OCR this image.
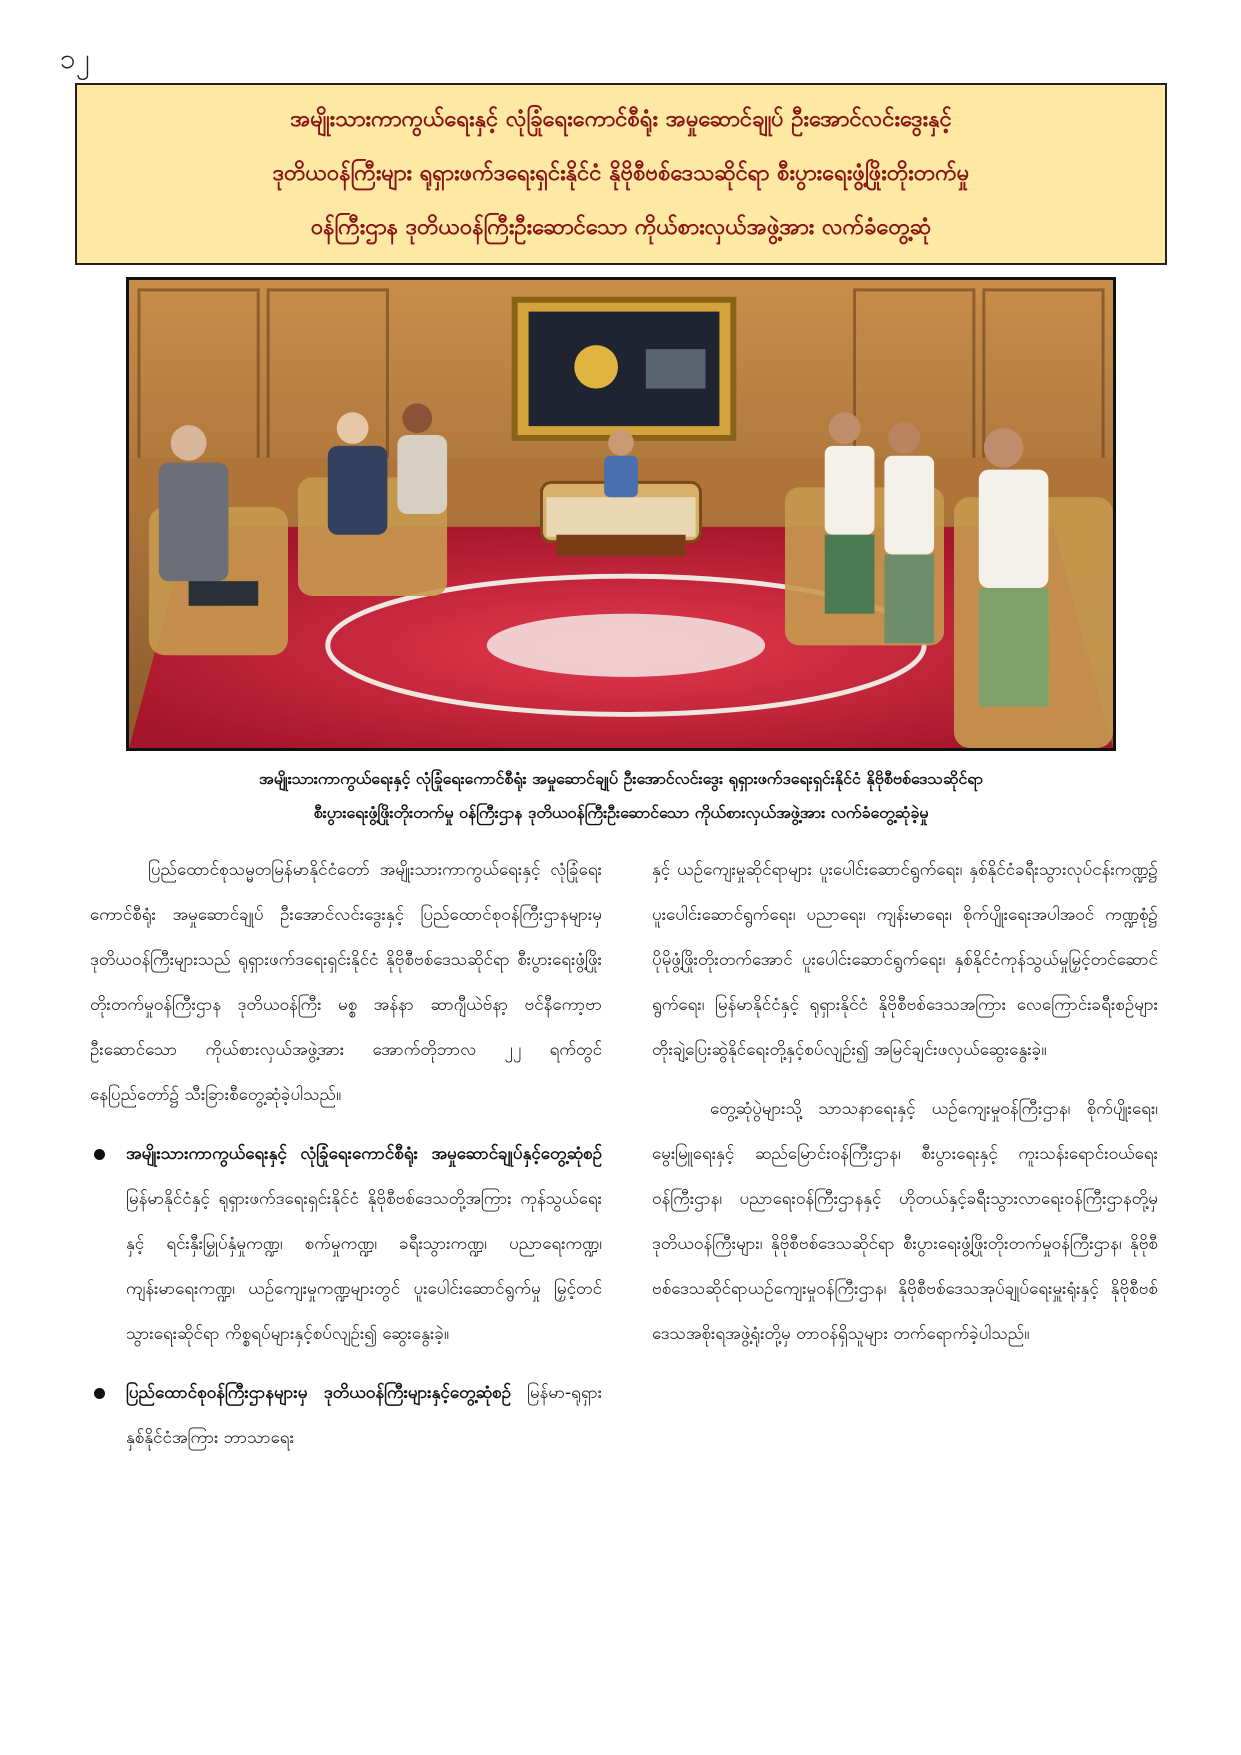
၁၂
အမျိုးသားကာကွယ်ရေးနှင့် လုံခြုံရေးကောင်စီရုံး အမှုဆောင်ချုပ် ဦးအောင်လင်းဒွေးနှင့်
ဒုတိယဝန်ကြီးများ ရုရှားဖက်ဒရေးရှင်းနိုင်ငံ နိုဗိုစီဗစ်ဒေသဆိုင်ရာ စီးပွားရေးဖွံ့ဖြိုးတိုးတက်မှု
ဝန်ကြီးဌာန ဒုတိယဝန်ကြီးဦးဆောင်သော ကိုယ်စားလှယ်အဖွဲ့အား လက်ခံတွေ့ဆုံ
အမျိုးသားကာကွယ်ရေးနှင့် လုံခြုံရေးကောင်စီရုံး အမှုဆောင်ချုပ် ဦးအောင်လင်းဒွေး ရုရှားဖက်ဒရေးရှင်းနိုင်ငံ နိုဗိုစီဗစ်ဒေသဆိုင်ရာ
စီးပွားရေးဖွံ့ဖြိုးတိုးတက်မှု ဝန်ကြီးဌာန ဒုတိယဝန်ကြီးဦးဆောင်သော ကိုယ်စားလှယ်အဖွဲ့အား လက်ခံတွေ့ဆုံခဲ့မှု

ပြည်ထောင်စုသမ္မတမြန်မာနိုင်ငံတော် အမျိုးသားကာကွယ်ရေးနှင့် လုံခြုံရေးကောင်စီရုံး အမှုဆောင်ချုပ် ဦးအောင်လင်းဒွေးနှင့် ပြည်ထောင်စုဝန်ကြီးဌာနများမှ ဒုတိယဝန်ကြီးများသည် ရုရှားဖက်ဒရေးရှင်းနိုင်ငံ နိုဗိုစီဗစ်ဒေသဆိုင်ရာ စီးပွားရေးဖွံ့ဖြိုးတိုးတက်မှုဝန်ကြီးဌာန ဒုတိယဝန်ကြီး မစ္စ အန်နာ ဆာဂျီယဲဗ်နာ့ ဗင်နီကော့ဗာ ဦးဆောင်သော ကိုယ်စားလှယ်အဖွဲ့အား အောက်တိုဘာလ ၂၂ ရက်တွင် နေပြည်တော်၌ သီးခြားစီတွေ့ဆုံခဲ့ပါသည်။

အမျိုးသားကာကွယ်ရေးနှင့် လုံခြုံရေးကောင်စီရုံး အမှုဆောင်ချုပ်နှင့်တွေ့ဆုံစဉ် မြန်မာနိုင်ငံနှင့် ရုရှားဖက်ဒရေးရှင်းနိုင်ငံ နိုဗိုစီဗစ်ဒေသတို့အကြား ကုန်သွယ်ရေးနှင့် ရင်းနှီးမြှုပ်နှံမှုကဏ္ဍ၊ စက်မှုကဏ္ဍ၊ ခရီးသွားကဏ္ဍ၊ ပညာရေးကဏ္ဍ၊ ကျန်းမာရေးကဏ္ဍ၊ ယဉ်ကျေးမှုကဏ္ဍများတွင် ပူးပေါင်းဆောင်ရွက်မှု မြှင့်တင်သွားရေးဆိုင်ရာ ကိစ္စရပ်များနှင့်စပ်လျဉ်း၍ ဆွေးနွေးခဲ့။
ပြည်ထောင်စုဝန်ကြီးဌာနများမှ ဒုတိယဝန်ကြီးများနှင့်တွေ့ဆုံစဉ် မြန်မာ-ရုရှား နှစ်နိုင်ငံအကြား ဘာသာရေး

နှင့် ယဉ်ကျေးမှုဆိုင်ရာများ ပူးပေါင်းဆောင်ရွက်ရေး၊ နှစ်နိုင်ငံခရီးသွားလုပ်ငန်းကဏ္ဍ၌ ပူးပေါင်းဆောင်ရွက်ရေး၊ ပညာရေး၊ ကျန်းမာရေး၊ စိုက်ပျိုးရေးအပါအဝင် ကဏ္ဍစုံ၌ ပိုမိုဖွံ့ဖြိုးတိုးတက်အောင် ပူးပေါင်းဆောင်ရွက်ရေး၊ နှစ်နိုင်ငံကုန်သွယ်မှုမြှင့်တင်ဆောင်ရွက်ရေး၊ မြန်မာနိုင်ငံနှင့် ရုရှားနိုင်ငံ နိုဗိုစီဗစ်ဒေသအကြား လေကြောင်းခရီးစဉ်များ တိုးချဲ့ပြေးဆွဲနိုင်ရေးတို့နှင့်စပ်လျဉ်း၍ အမြင်ချင်းဖလှယ်ဆွေးနွေးခဲ့။

တွေ့ဆုံပွဲများသို့ သာသနာရေးနှင့် ယဉ်ကျေးမှုဝန်ကြီးဌာန၊ စိုက်ပျိုးရေး၊ မွေးမြူရေးနှင့် ဆည်မြောင်းဝန်ကြီးဌာန၊ စီးပွားရေးနှင့် ကူးသန်းရောင်းဝယ်ရေးဝန်ကြီးဌာန၊ ပညာရေးဝန်ကြီးဌာနနှင့် ဟိုတယ်နှင့်ခရီးသွားလာရေးဝန်ကြီးဌာနတို့မှ ဒုတိယဝန်ကြီးများ၊ နိုဗိုစီဗစ်ဒေသဆိုင်ရာ စီးပွားရေးဖွံ့ဖြိုးတိုးတက်မှုဝန်ကြီးဌာန၊ နိုဗိုစီဗစ်ဒေသဆိုင်ရာယဉ်ကျေးမှုဝန်ကြီးဌာန၊ နိုဗိုစီဗစ်ဒေသအုပ်ချုပ်ရေးမှူးရုံးနှင့် နိုဗိုစီဗစ်ဒေသအစိုးရအဖွဲ့ရုံးတို့မှ တာဝန်ရှိသူများ တက်ရောက်ခဲ့ပါသည်။
